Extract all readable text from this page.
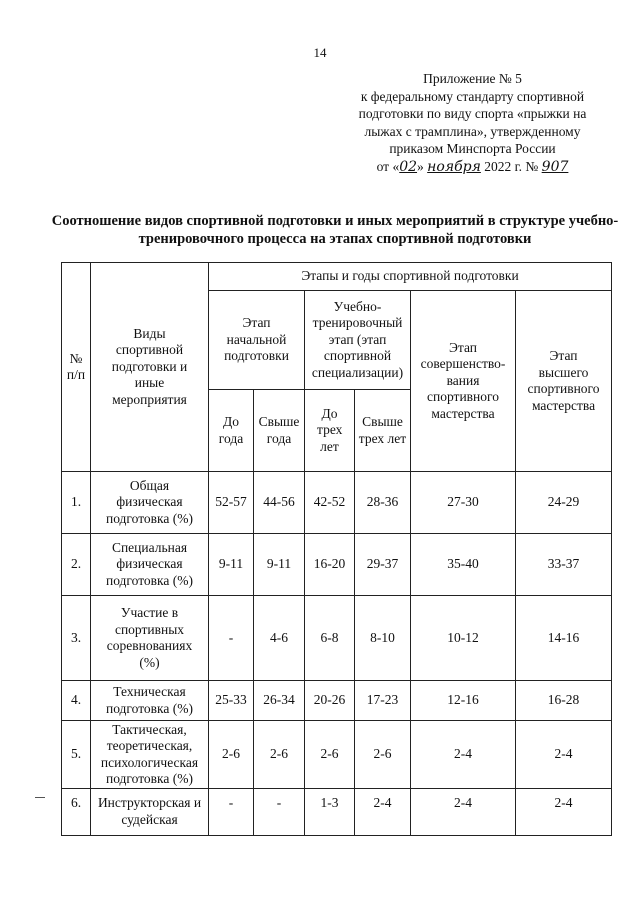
14
Приложение № 5
к федеральному стандарту спортивной
подготовки по виду спорта «прыжки на
лыжах с трамплина», утвержденному
приказом Минспорта России
от «02» ноября 2022 г. № 907
Соотношение видов спортивной подготовки и иных мероприятий в структуре учебно-тренировочного процесса на этапах спортивной подготовки
№ п/п	Виды спортивной подготовки и иные мероприятия	Этапы и годы спортивной подготовки					
		Этап начальной подготовки		Учебно-тренировочный этап (этап спортивной специализации)		Этап совершенство-вания спортивного мастерства	Этап высшего спортивного мастерства
		До года	Свыше года	До трех лет	Свыше трех лет		
1.	Общая физическая подготовка (%)	52-57	44-56	42-52	28-36	27-30	24-29
2.	Специальная физическая подготовка (%)	9-11	9-11	16-20	29-37	35-40	33-37
3.	Участие в спортивных соревнованиях (%)	-	4-6	6-8	8-10	10-12	14-16
4.	Техническая подготовка (%)	25-33	26-34	20-26	17-23	12-16	16-28
5.	Тактическая, теоретическая, психологическая подготовка (%)	2-6	2-6	2-6	2-6	2-4	2-4
6.	Инструкторская и судейская	-	-	1-3	2-4	2-4	2-4
